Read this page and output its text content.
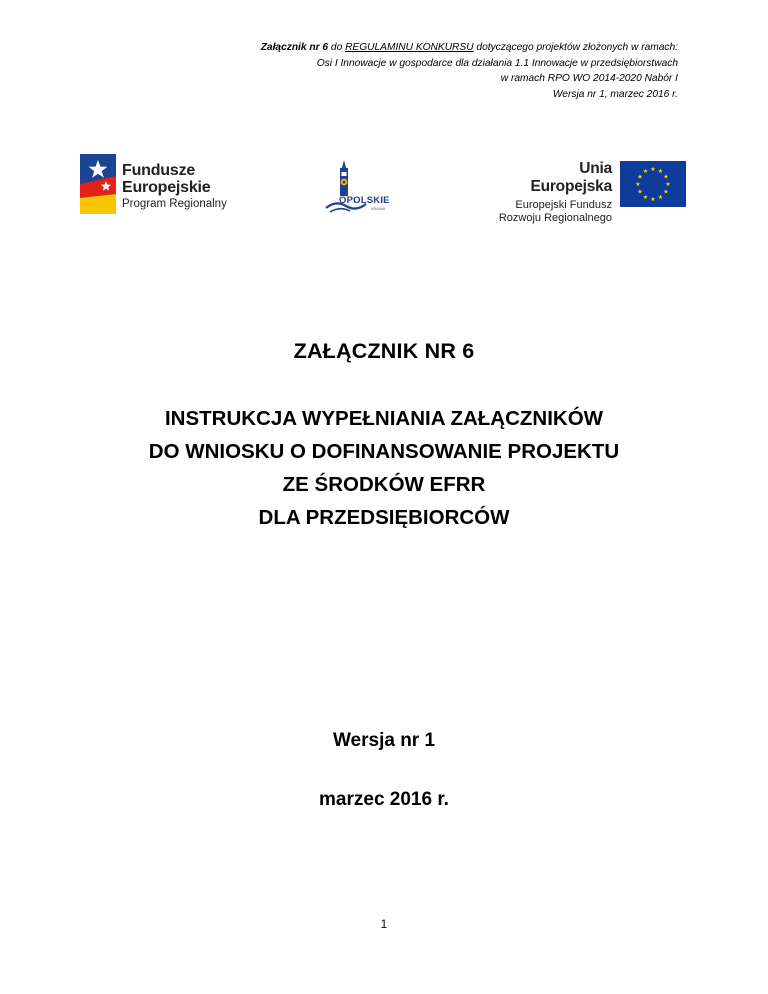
Załącznik nr 6 do REGULAMINU KONKURSU dotyczącego projektów złożonych w ramach:
Osi I Innowacje w gospodarce dla działania 1.1 Innowacje w przedsiębiorstwach
w ramach RPO WO 2014-2020 Nabór I
Wersja nr 1, marzec 2016 r.
Fundusze
Europejskie
Program Regionalny	OPOLSKIE
KRAINA
Unia Europejska
Europejski Fundusz
Rozwoju Regionalnego
★ ★
★
★
★
★
★
★
★
★
★
★
ZAŁĄCZNIK NR 6
INSTRUKCJA WYPEŁNIANIA ZAŁĄCZNIKÓW
DO WNIOSKU O DOFINANSOWANIE PROJEKTU
ZE ŚRODKÓW EFRR
DLA PRZEDSIĘBIORCÓW
Wersja nr 1
marzec 2016 r.
1
